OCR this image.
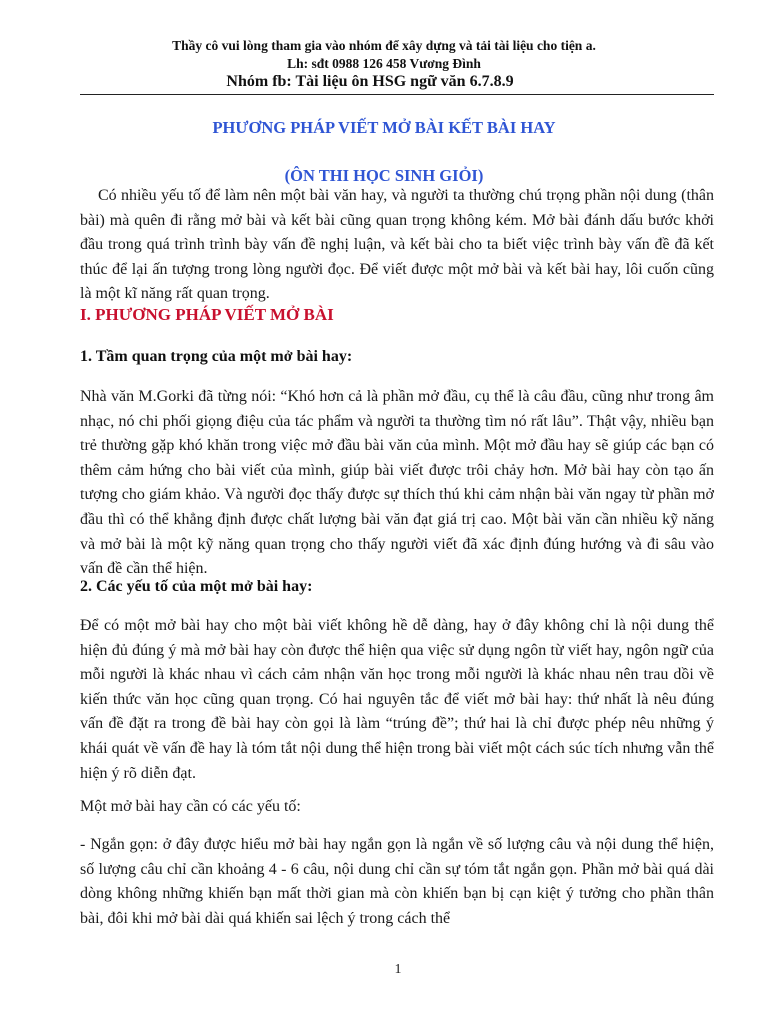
Thầy cô vui lòng tham gia vào nhóm để xây dựng và tải tài liệu cho tiện a.
Lh: sđt 0988 126 458 Vương Đình
Nhóm fb: Tài liệu ôn HSG ngữ văn 6.7.8.9
PHƯƠNG PHÁP VIẾT MỞ BÀI KẾT BÀI HAY
(ÔN THI HỌC SINH GIỎI)

Có nhiều yếu tố để làm nên một bài văn hay, và người ta thường chú trọng phần nội dung (thân bài) mà quên đi rằng mở bài và kết bài cũng quan trọng không kém. Mở bài đánh dấu bước khởi đầu trong quá trình trình bày vấn đề nghị luận, và kết bài cho ta biết việc trình bày vấn đề đã kết thúc để lại ấn tượng trong lòng người đọc. Để viết được một mở bài và kết bài hay, lôi cuốn cũng là một kĩ năng rất quan trọng.

I. PHƯƠNG PHÁP VIẾT MỞ BÀI
1. Tầm quan trọng của một mở bài hay:

Nhà văn M.Gorki đã từng nói: “Khó hơn cả là phần mở đầu, cụ thể là câu đầu, cũng như trong âm nhạc, nó chi phối giọng điệu của tác phẩm và người ta thường tìm nó rất lâu”. Thật vậy, nhiều bạn trẻ thường gặp khó khăn trong việc mở đầu bài văn của mình. Một mở đầu hay sẽ giúp các bạn có thêm cảm hứng cho bài viết của mình, giúp bài viết được trôi chảy hơn. Mở bài hay còn tạo ấn tượng cho giám khảo. Và người đọc thấy được sự thích thú khi cảm nhận bài văn ngay từ phần mở đầu thì có thể khẳng định được chất lượng bài văn đạt giá trị cao. Một bài văn cần nhiều kỹ năng và mở bài là một kỹ năng quan trọng cho thấy người viết đã xác định đúng hướng và đi sâu vào vấn đề cần thể hiện.

2. Các yếu tố của một mở bài hay:

Để có một mở bài hay cho một bài viết không hề dễ dàng, hay ở đây không chỉ là nội dung thể hiện đủ đúng ý mà mở bài hay còn được thể hiện qua việc sử dụng ngôn từ viết hay, ngôn ngữ của mỗi người là khác nhau vì cách cảm nhận văn học trong mỗi người là khác nhau nên trau dồi về kiến thức văn học cũng quan trọng. Có hai nguyên tắc để viết mở bài hay: thứ nhất là nêu đúng vấn đề đặt ra trong đề bài hay còn gọi là làm “trúng đề”; thứ hai là chỉ được phép nêu những ý khái quát về vấn đề hay là tóm tắt nội dung thể hiện trong bài viết một cách súc tích nhưng vẫn thể hiện ý rõ diễn đạt.

Một mở bài hay cần có các yếu tố:

- Ngắn gọn: ở đây được hiểu mở bài hay ngắn gọn là ngắn về số lượng câu và nội dung thể hiện, số lượng câu chỉ cần khoảng 4 - 6 câu, nội dung chỉ cần sự tóm tắt ngắn gọn. Phần mở bài quá dài dòng không những khiến bạn mất thời gian mà còn khiến bạn bị cạn kiệt ý tưởng cho phần thân bài, đôi khi mở bài dài quá khiến sai lệch ý trong cách thể

1
